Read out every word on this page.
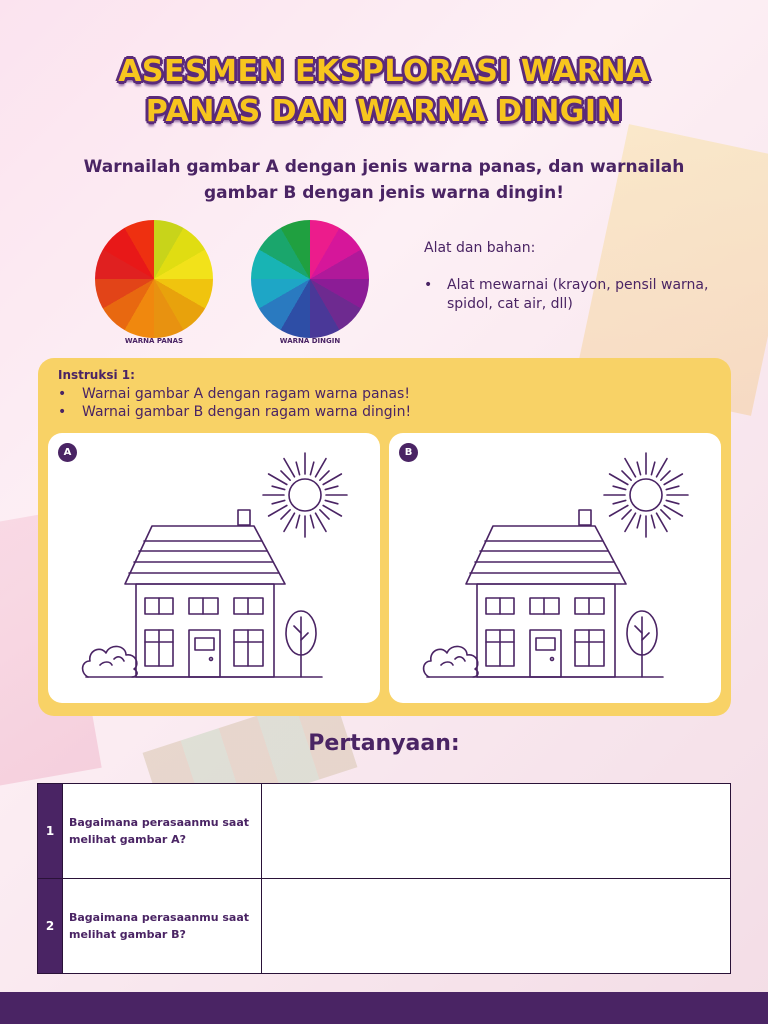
ASESMEN EKSPLORASI WARNA
PANAS DAN WARNA DINGIN
Warnailah gambar A dengan jenis warna panas, dan warnailah
gambar B dengan jenis warna dingin!
WARNA PANAS	WARNA DINGIN
Alat dan bahan:
• Alat mewarnai (krayon, pensil warna, spidol, cat air, dll)
Instruksi 1:
• Warnai gambar A dengan ragam warna panas!
• Warnai gambar B dengan ragam warna dingin!
A	B
Pertanyaan:
1	Bagaimana perasaanmu saat melihat gambar A?	
2	Bagaimana perasaanmu saat melihat gambar B?	
